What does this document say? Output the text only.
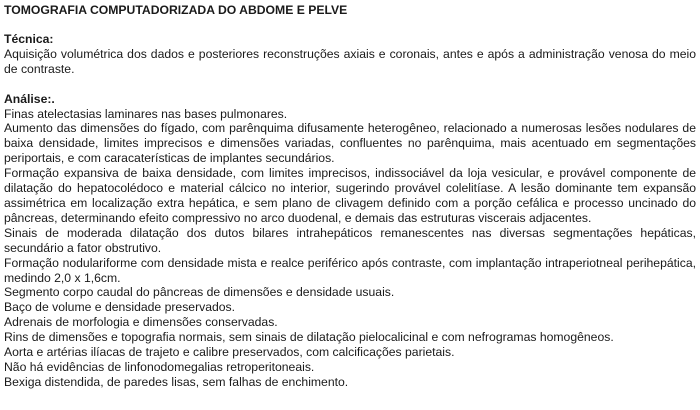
TOMOGRAFIA COMPUTADORIZADA DO ABDOME E PELVE

Técnica:

Aquisição volumétrica dos dados e posteriores reconstruções axiais e coronais, antes e após a administração venosa do meio de contraste.

Análise:.

Finas atelectasias laminares nas bases pulmonares.

Aumento das dimensões do fígado, com parênquima difusamente heterogêneo, relacionado a numerosas lesões nodulares de baixa densidade, limites imprecisos e dimensões variadas, confluentes no parênquima, mais acentuado em segmentações periportais, e com caracaterísticas de implantes secundários.

Formação expansiva de baixa densidade, com limites imprecisos, indissociável da loja vesicular, e provável componente de dilatação do hepatocolédoco e material cálcico no interior, sugerindo provável colelitíase. A lesão dominante tem expansão assimétrica em localização extra hepática, e sem plano de clivagem definido com a porção cefálica e processo uncinado do pâncreas, determinando efeito compressivo no arco duodenal, e demais das estruturas viscerais adjacentes.

Sinais de moderada dilatação dos dutos bilares intrahepáticos remanescentes nas diversas segmentações hepáticas, secundário a fator obstrutivo.

Formação nodulariforme com densidade mista e realce periférico após contraste, com implantação intraperiotneal perihepática, medindo 2,0 x 1,6cm.

Segmento corpo caudal do pâncreas de dimensões e densidade usuais.

Baço de volume e densidade preservados.

Adrenais de morfologia e dimensões conservadas.

Rins de dimensões e topografia normais, sem sinais de dilatação pielocalicinal e com nefrogramas homogêneos.

Aorta e artérias ilíacas de trajeto e calibre preservados, com calcificações parietais.

Não há evidências de linfonodomegalias retroperitoneais.

Bexiga distendida, de paredes lisas, sem falhas de enchimento.
